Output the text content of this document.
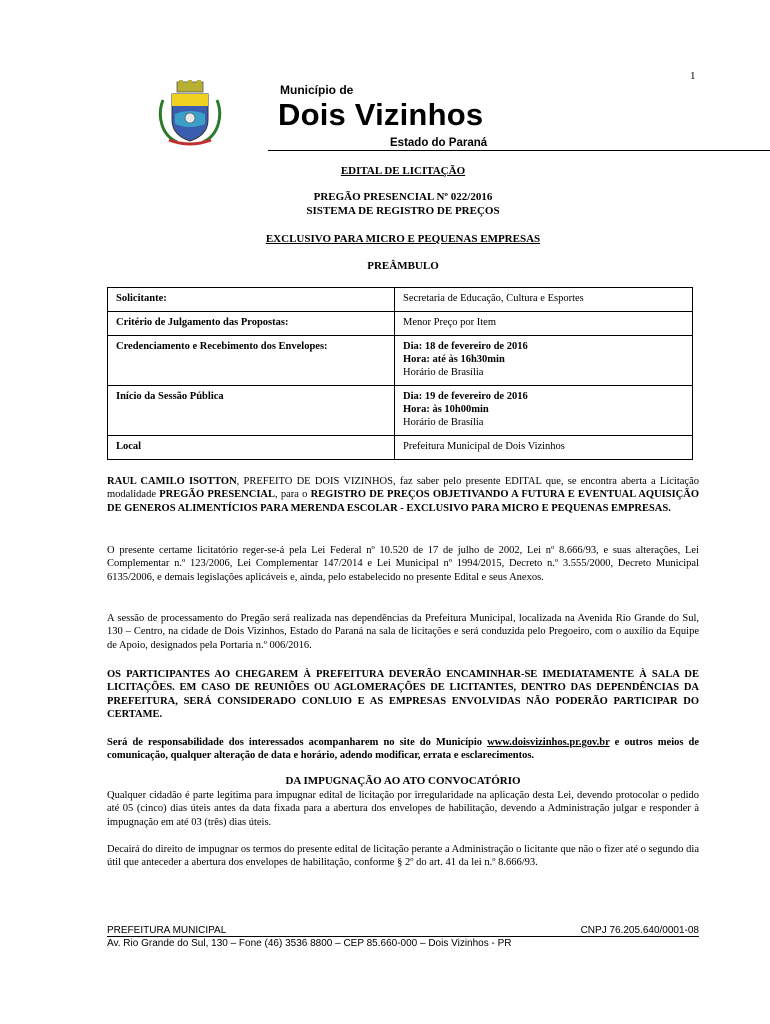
1
Município de
Dois Vizinhos
Estado do Paraná
EDITAL DE LICITAÇÃO
PREGÃO PRESENCIAL Nº 022/2016
SISTEMA DE REGISTRO DE PREÇOS
EXCLUSIVO PARA MICRO E PEQUENAS EMPRESAS
PREÂMBULO
Solicitante:	Secretaria de Educação, Cultura e Esportes
Critério de Julgamento das Propostas:	Menor Preço por Item
Credenciamento e Recebimento dos Envelopes:	Dia: 18 de fevereiro de 2016
Hora: até às 16h30min
Horário de Brasília

Início da Sessão Pública	Dia: 19 de fevereiro de 2016
Hora: às 10h00min
Horário de Brasília

Local	Prefeitura Municipal de Dois Vizinhos
RAUL CAMILO ISOTTON, PREFEITO DE DOIS VIZINHOS, faz saber pelo presente EDITAL que, se encontra aberta a Licitação modalidade PREGÃO PRESENCIAL, para o REGISTRO DE PREÇOS OBJETIVANDO A FUTURA E EVENTUAL AQUISIÇÃO DE GENEROS ALIMENTÍCIOS PARA MERENDA ESCOLAR - EXCLUSIVO PARA MICRO E PEQUENAS EMPRESAS.
O presente certame licitatório reger-se-á pela Lei Federal nº 10.520 de 17 de julho de 2002, Lei nº 8.666/93, e suas alterações, Lei Complementar n.º 123/2006, Lei Complementar 147/2014 e Lei Municipal nº 1994/2015, Decreto n.º 3.555/2000, Decreto Municipal 6135/2006, e demais legislações aplicáveis e, ainda, pelo estabelecido no presente Edital e seus Anexos.
A sessão de processamento do Pregão será realizada nas dependências da Prefeitura Municipal, localizada na Avenida Rio Grande do Sul, 130 – Centro, na cidade de Dois Vizinhos, Estado do Paraná na sala de licitações e será conduzida pelo Pregoeiro, com o auxílio da Equipe de Apoio, designados pela Portaria n.º 006/2016.
OS PARTICIPANTES AO CHEGAREM À PREFEITURA DEVERÃO ENCAMINHAR-SE IMEDIATAMENTE À SALA DE LICITAÇÕES. EM CASO DE REUNIÕES OU AGLOMERAÇÕES DE LICITANTES, DENTRO DAS DEPENDÊNCIAS DA PREFEITURA, SERÁ CONSIDERADO CONLUIO E AS EMPRESAS ENVOLVIDAS NÃO PODERÃO PARTICIPAR DO CERTAME.
Será de responsabilidade dos interessados acompanharem no site do Município www.doisvizinhos.pr.gov.br e outros meios de comunicação, qualquer alteração de data e horário, adendo modificar, errata e esclarecimentos.
DA IMPUGNAÇÃO AO ATO CONVOCATÓRIO
Qualquer cidadão é parte legítima para impugnar edital de licitação por irregularidade na aplicação desta Lei, devendo protocolar o pedido até 05 (cinco) dias úteis antes da data fixada para a abertura dos envelopes de habilitação, devendo a Administração julgar e responder à impugnação em até 03 (três) dias úteis.
Decairá do direito de impugnar os termos do presente edital de licitação perante a Administração o licitante que não o fizer até o segundo dia útil que anteceder a abertura dos envelopes de habilitação, conforme § 2º do art. 41 da lei n.º 8.666/93.
PREFEITURA MUNICIPAL	CNPJ 76.205.640/0001-08
Av. Rio Grande do Sul, 130 – Fone (46) 3536 8800 – CEP 85.660-000 – Dois Vizinhos - PR
